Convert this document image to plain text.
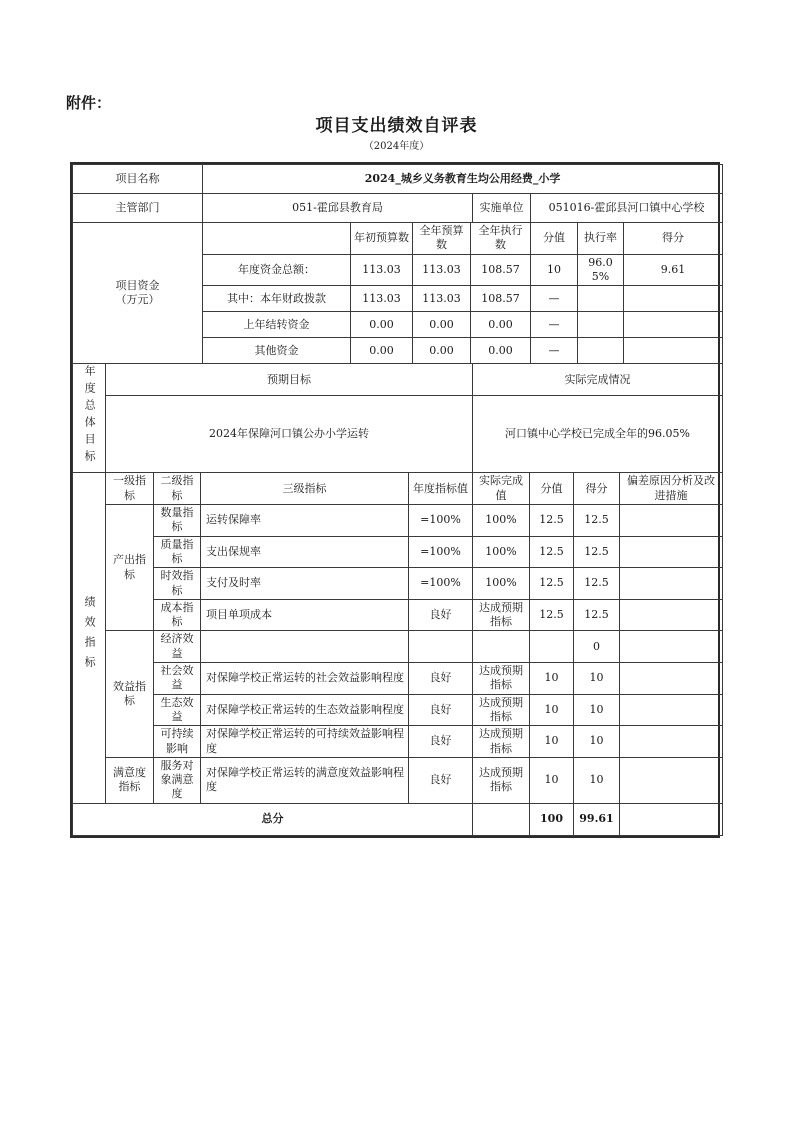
附件：
项目支出绩效自评表
（2024年度）
项目名称	2024_城乡义务教育生均公用经费_小学		
主管部门	051-霍邱县教育局	实施单位	051016-霍邱县河口镇中心学校
项目资金
（万元）		年初预算数	全年预算数	全年执行数	分值	执行率	得分
	年度资金总额：	113.03	113.03	108.57	10	96.05%	9.61
	其中：本年财政拨款	113.03	113.03	108.57	—		
	上年结转资金	0.00	0.00	0.00	—		
	其他资金	0.00	0.00	0.00	—		
年度总体目标	预期目标	实际完成情况
	2024年保障河口镇公办小学运转	河口镇中心学校已完成全年的96.05%
绩效指标	一级指标	二级指标	三级指标	年度指标值	实际完成值	分值	得分	偏差原因分析及改进措施
	产出指标	数量指标	运转保障率	=100%	100%	12.5	12.5	
		质量指标	支出保规率	=100%	100%	12.5	12.5	
		时效指标	支付及时率	=100%	100%	12.5	12.5	
		成本指标	项目单项成本	良好	达成预期指标	12.5	12.5	
	效益指标	经济效益					0	
		社会效益	对保障学校正常运转的社会效益影响程度	良好	达成预期指标	10	10	
		生态效益	对保障学校正常运转的生态效益影响程度	良好	达成预期指标	10	10	
		可持续影响	对保障学校正常运转的可持续效益影响程度	良好	达成预期指标	10	10	
	满意度指标	服务对象满意度	对保障学校正常运转的满意度效益影响程度	良好	达成预期指标	10	10	
总分						100	99.61	
